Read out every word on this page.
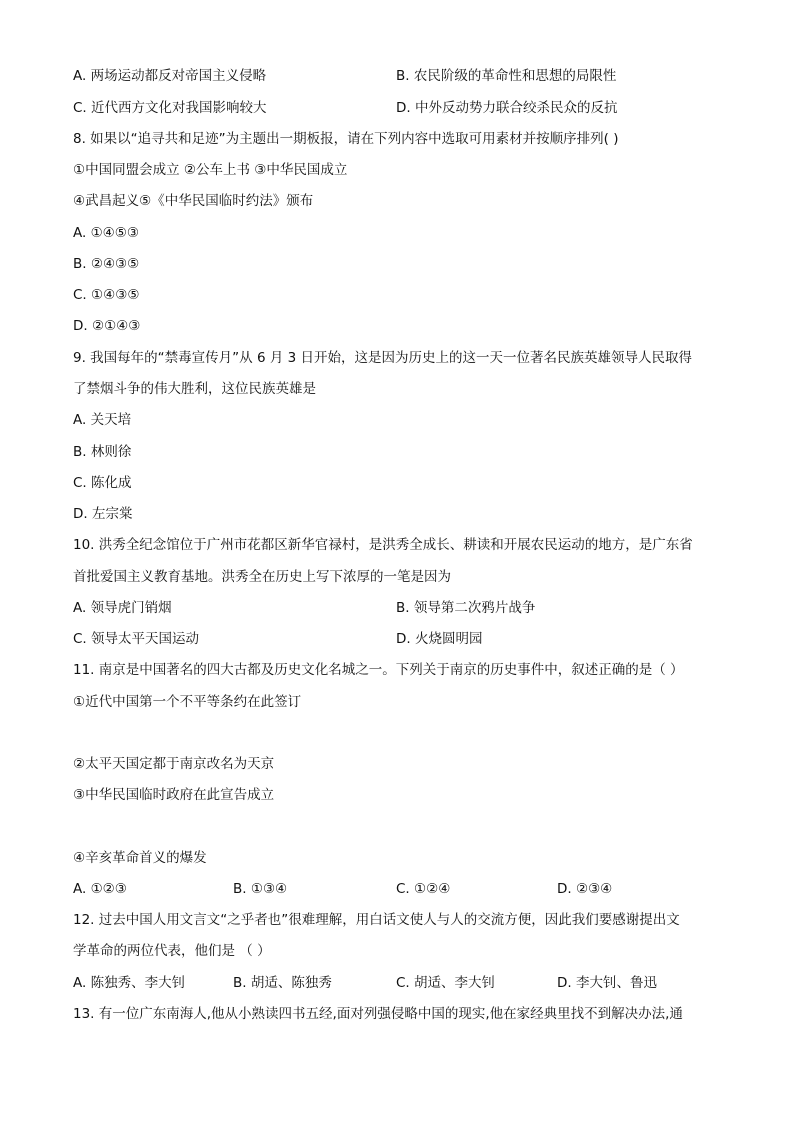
A. 两场运动都反对帝国主义侵略	B. 农民阶级的革命性和思想的局限性
C. 近代西方文化对我国影响较大	D. 中外反动势力联合绞杀民众的反抗
8. 如果以“追寻共和足迹”为主题出一期板报，请在下列内容中选取可用素材并按顺序排列( )
①中国同盟会成立 ②公车上书 ③中华民国成立
④武昌起义⑤《中华民国临时约法》颁布
A. ①④⑤③
B. ②④③⑤
C. ①④③⑤
D. ②①④③
9. 我国每年的“禁毒宣传月”从 6 月 3 日开始，这是因为历史上的这一天一位著名民族英雄领导人民取得
了禁烟斗争的伟大胜利，这位民族英雄是
A. 关天培
B. 林则徐
C. 陈化成
D. 左宗棠
10. 洪秀全纪念馆位于广州市花都区新华官禄村，是洪秀全成长、耕读和开展农民运动的地方，是广东省
首批爱国主义教育基地。洪秀全在历史上写下浓厚的一笔是因为
A. 领导虎门销烟	B. 领导第二次鸦片战争
C. 领导太平天国运动	D. 火烧圆明园
11. 南京是中国著名的四大古都及历史文化名城之一。下列关于南京的历史事件中，叙述正确的是（ ）
①近代中国第一个不平等条约在此签订
②太平天国定都于南京改名为天京
③中华民国临时政府在此宣告成立
④辛亥革命首义的爆发
A. ①②③	B. ①③④	C. ①②④	D. ②③④
12. 过去中国人用文言文“之乎者也”很难理解，用白话文使人与人的交流方便，因此我们要感谢提出文
学革命的两位代表，他们是 （ ）
A. 陈独秀、李大钊	B. 胡适、陈独秀	C. 胡适、李大钊	D. 李大钊、鲁迅
13. 有一位广东南海人,他从小熟读四书五经,面对列强侵略中国的现实,他在家经典里找不到解决办法,通
